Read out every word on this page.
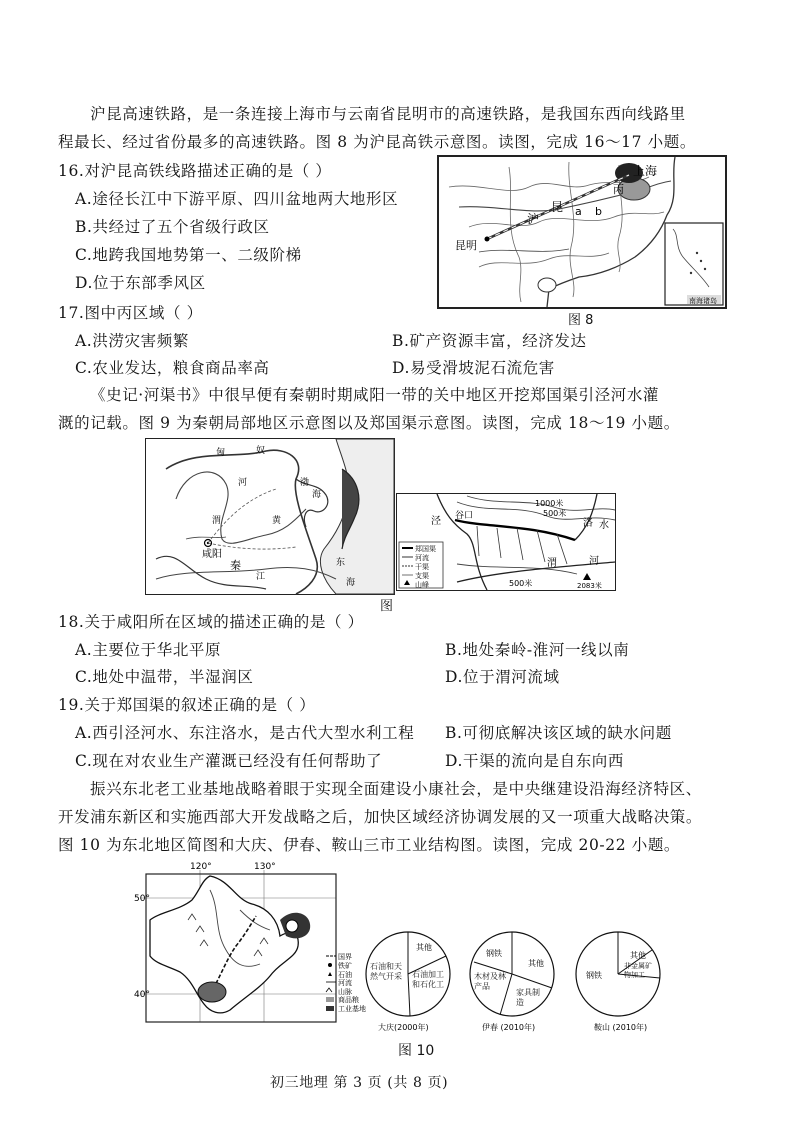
沪昆高速铁路，是一条连接上海市与云南省昆明市的高速铁路，是我国东西向线路里
程最长、经过省份最多的高速铁路。图 8 为沪昆高铁示意图。读图，完成 16～17 小题。
16.对沪昆高铁线路描述正确的是（ ）
A.途径长江中下游平原、四川盆地两大地形区
B.共经过了五个省级行政区
C.地跨我国地势第一、二级阶梯
D.位于东部季风区
南海诸岛
上海
昆明
沪
昆 a b
丙
图 8
17.图中丙区域（ ）
A.洪涝灾害频繁	B.矿产资源丰富，经济发达
C.农业发达，粮食商品率高	D.易受滑坡泥石流危害
《史记·河渠书》中很早便有秦朝时期咸阳一带的关中地区开挖郑国渠引泾河水灌
溉的记载。图 9 为秦朝局部地区示意图以及郑国渠示意图。读图，完成 18～19 小题。
匈	奴
河	渤
海
渭
咸阳
秦
江
黄
东
海
郑国渠
河流
干渠
支渠
山峰
1000米
500米
500米
谷口
泾	洛 水
渭	河
2083米
图
18.关于咸阳所在区域的描述正确的是（ ）
A.主要位于华北平原	B.地处秦岭-淮河一线以南
C.地处中温带，半湿润区	D.位于渭河流域
19.关于郑国渠的叙述正确的是（ ）
A.西引泾河水、东注洛水，是古代大型水利工程 B.可彻底解决该区域的缺水问题
C.现在对农业生产灌溉已经没有任何帮助了	D.干渠的流向是自东向西
振兴东北老工业基地战略着眼于实现全面建设小康社会，是中央继建设沿海经济特区、
开发浦东新区和实施西部大开发战略之后，加快区域经济协调发展的又一项重大战略决策。
图 10 为东北地区简图和大庆、伊春、鞍山三市工业结构图。读图，完成 20-22 小题。
120°	130°
50°
40°
国界
铁矿
石油
河流
山脉
商品粮
工业基地
其他
石油和天然气开采	石油加工和石化工
大庆(2000年)
钢铁
其他
木材及林产品
家具制造
伊春 (2010年)
钢铁
其他
非金属矿物加工
鞍山 (2010年)
图 10
初三地理 第 3 页 (共 8 页)
